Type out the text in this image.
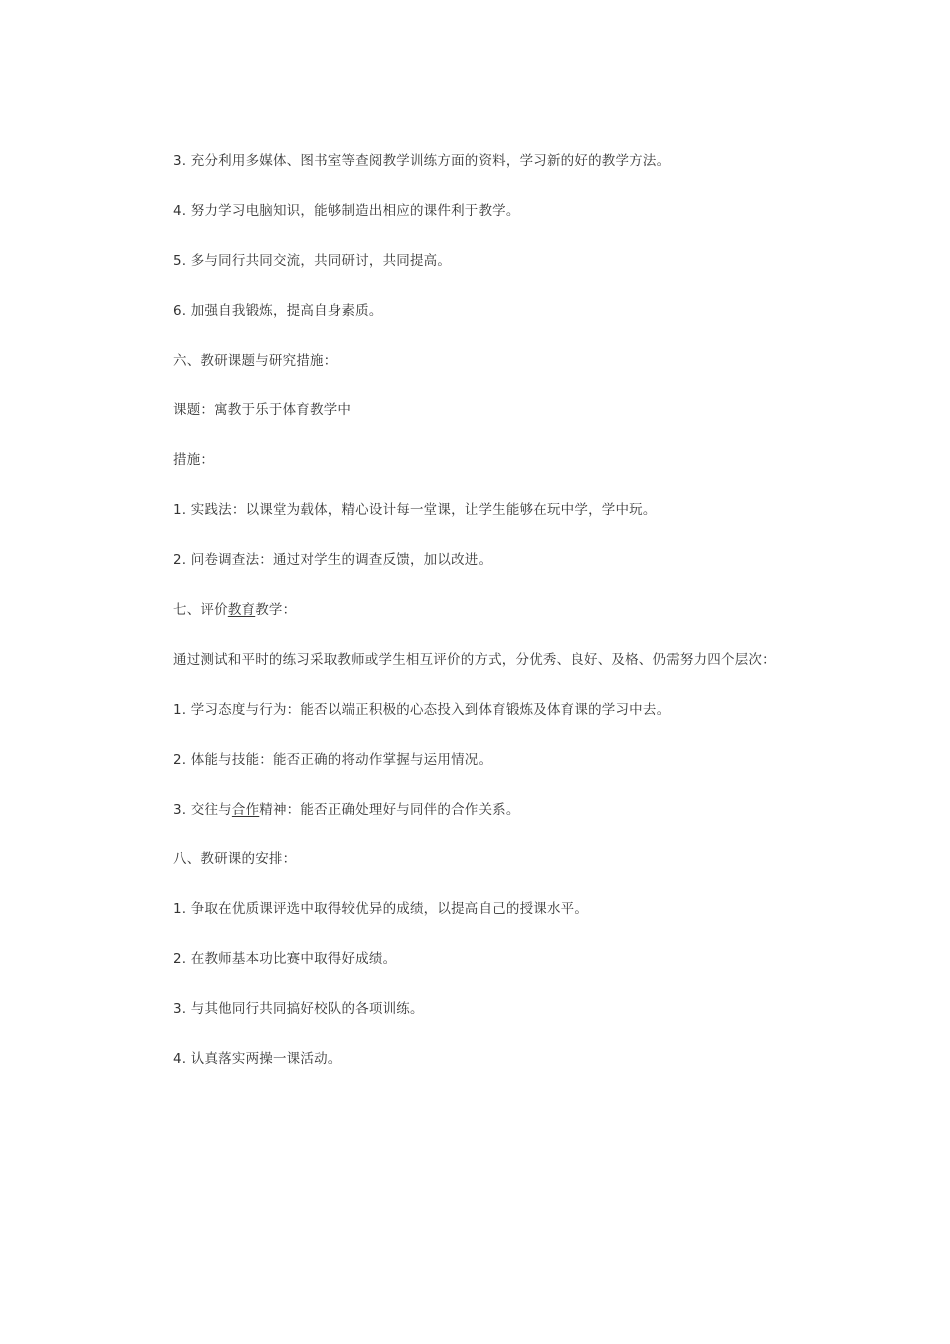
3. 充分利用多媒体、图书室等查阅教学训练方面的资料，学习新的好的教学方法。

4. 努力学习电脑知识，能够制造出相应的课件利于教学。

5. 多与同行共同交流，共同研讨，共同提高。

6. 加强自我锻炼，提高自身素质。

六、教研课题与研究措施：

课题：寓教于乐于体育教学中

措施：

1. 实践法：以课堂为载体，精心设计每一堂课，让学生能够在玩中学，学中玩。

2. 问卷调查法：通过对学生的调查反馈，加以改进。

七、评价教育教学：

通过测试和平时的练习采取教师或学生相互评价的方式，分优秀、良好、及格、仍需努力四个层次：

1. 学习态度与行为：能否以端正积极的心态投入到体育锻炼及体育课的学习中去。

2. 体能与技能：能否正确的将动作掌握与运用情况。

3. 交往与合作精神：能否正确处理好与同伴的合作关系。

八、教研课的安排：

1. 争取在优质课评选中取得较优异的成绩，以提高自己的授课水平。

2. 在教师基本功比赛中取得好成绩。

3. 与其他同行共同搞好校队的各项训练。

4. 认真落实两操一课活动。
